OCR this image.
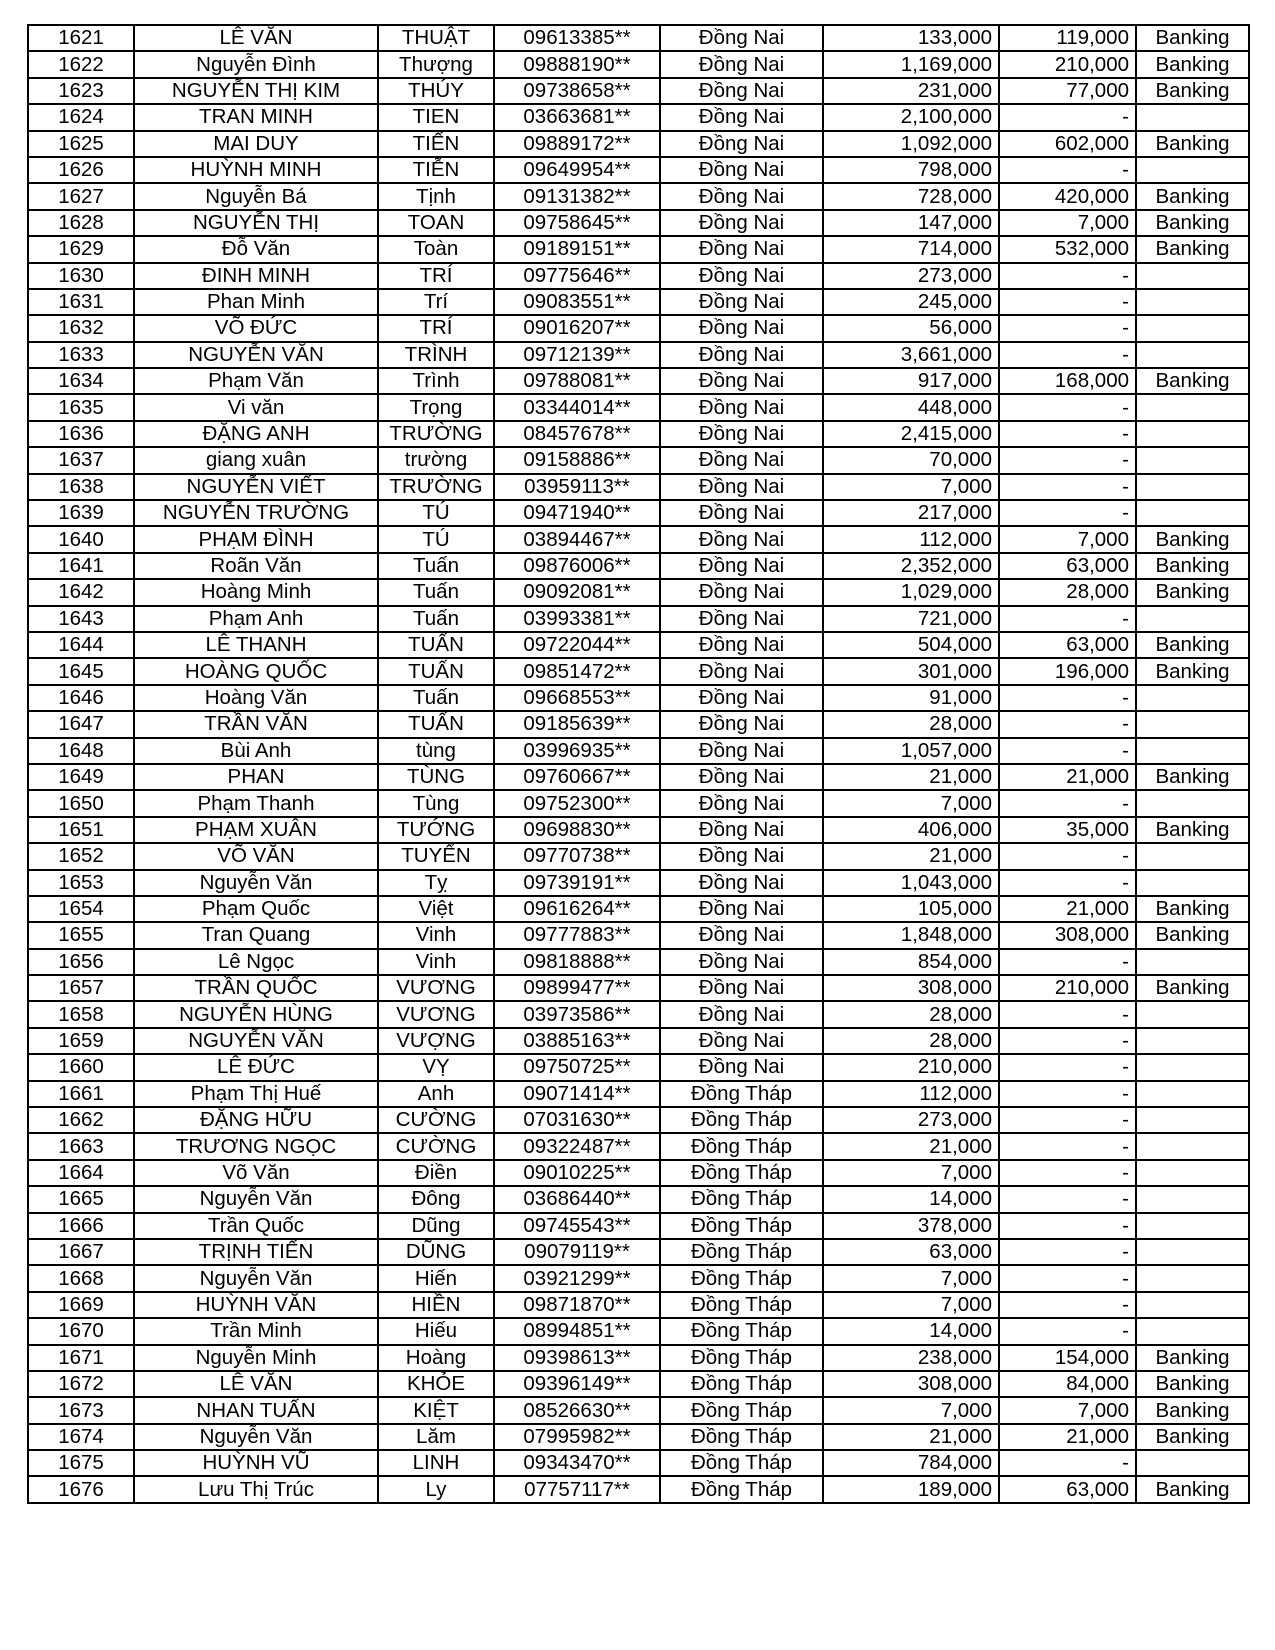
1621	LÊ VĂN	THUẬT	09613385**	Đồng Nai	133,000	119,000	Banking
1622	Nguyễn Đình	Thượng	09888190**	Đồng Nai	1,169,000	210,000	Banking
1623	NGUYỄN THỊ KIM	THÚY	09738658**	Đồng Nai	231,000	77,000	Banking
1624	TRAN MINH	TIEN	03663681**	Đồng Nai	2,100,000	-	
1625	MAI DUY	TIẾN	09889172**	Đồng Nai	1,092,000	602,000	Banking
1626	HUỲNH MINH	TIỄN	09649954**	Đồng Nai	798,000	-	
1627	Nguyễn Bá	Tịnh	09131382**	Đồng Nai	728,000	420,000	Banking
1628	NGUYỄN THỊ	TOAN	09758645**	Đồng Nai	147,000	7,000	Banking
1629	Đỗ Văn	Toàn	09189151**	Đồng Nai	714,000	532,000	Banking
1630	ĐINH MINH	TRÍ	09775646**	Đồng Nai	273,000	-	
1631	Phan Minh	Trí	09083551**	Đồng Nai	245,000	-	
1632	VÕ ĐỨC	TRÍ	09016207**	Đồng Nai	56,000	-	
1633	NGUYỄN VĂN	TRÌNH	09712139**	Đồng Nai	3,661,000	-	
1634	Phạm Văn	Trình	09788081**	Đồng Nai	917,000	168,000	Banking
1635	Vi văn	Trọng	03344014**	Đồng Nai	448,000	-	
1636	ĐẶNG ANH	TRƯỜNG	08457678**	Đồng Nai	2,415,000	-	
1637	giang xuân	trường	09158886**	Đồng Nai	70,000	-	
1638	NGUYỄN VIẾT	TRƯỜNG	03959113**	Đồng Nai	7,000	-	
1639	NGUYỄN TRƯỜNG	TÚ	09471940**	Đồng Nai	217,000	-	
1640	PHẠM ĐÌNH	TÚ	03894467**	Đồng Nai	112,000	7,000	Banking
1641	Roãn Văn	Tuấn	09876006**	Đồng Nai	2,352,000	63,000	Banking
1642	Hoàng Minh	Tuấn	09092081**	Đồng Nai	1,029,000	28,000	Banking
1643	Phạm Anh	Tuấn	03993381**	Đồng Nai	721,000	-	
1644	LÊ THANH	TUẤN	09722044**	Đồng Nai	504,000	63,000	Banking
1645	HOÀNG QUỐC	TUẤN	09851472**	Đồng Nai	301,000	196,000	Banking
1646	Hoàng Văn	Tuấn	09668553**	Đồng Nai	91,000	-	
1647	TRẦN VĂN	TUẤN	09185639**	Đồng Nai	28,000	-	
1648	Bùi Anh	tùng	03996935**	Đồng Nai	1,057,000	-	
1649	PHAN	TÙNG	09760667**	Đồng Nai	21,000	21,000	Banking
1650	Phạm Thanh	Tùng	09752300**	Đồng Nai	7,000	-	
1651	PHẠM XUÂN	TƯỚNG	09698830**	Đồng Nai	406,000	35,000	Banking
1652	VÕ VĂN	TUYỂN	09770738**	Đồng Nai	21,000	-	
1653	Nguyễn Văn	Tỵ	09739191**	Đồng Nai	1,043,000	-	
1654	Phạm Quốc	Việt	09616264**	Đồng Nai	105,000	21,000	Banking
1655	Tran Quang	Vinh	09777883**	Đồng Nai	1,848,000	308,000	Banking
1656	Lê Ngọc	Vinh	09818888**	Đồng Nai	854,000	-	
1657	TRẦN QUỐC	VƯƠNG	09899477**	Đồng Nai	308,000	210,000	Banking
1658	NGUYỄN HÙNG	VƯƠNG	03973586**	Đồng Nai	28,000	-	
1659	NGUYỄN VĂN	VƯỢNG	03885163**	Đồng Nai	28,000	-	
1660	LÊ ĐỨC	VỴ	09750725**	Đồng Nai	210,000	-	
1661	Phạm Thị Huế	Anh	09071414**	Đồng Tháp	112,000	-	
1662	ĐẶNG HỮU	CƯỜNG	07031630**	Đồng Tháp	273,000	-	
1663	TRƯƠNG NGỌC	CƯỜNG	09322487**	Đồng Tháp	21,000	-	
1664	Võ Văn	Điền	09010225**	Đồng Tháp	7,000	-	
1665	Nguyễn Văn	Đông	03686440**	Đồng Tháp	14,000	-	
1666	Trần Quốc	Dũng	09745543**	Đồng Tháp	378,000	-	
1667	TRỊNH TIẾN	DŨNG	09079119**	Đồng Tháp	63,000	-	
1668	Nguyễn Văn	Hiến	03921299**	Đồng Tháp	7,000	-	
1669	HUỲNH VĂN	HIỀN	09871870**	Đồng Tháp	7,000	-	
1670	Trần Minh	Hiếu	08994851**	Đồng Tháp	14,000	-	
1671	Nguyễn Minh	Hoàng	09398613**	Đồng Tháp	238,000	154,000	Banking
1672	LÊ VĂN	KHỎE	09396149**	Đồng Tháp	308,000	84,000	Banking
1673	NHAN TUẤN	KIỆT	08526630**	Đồng Tháp	7,000	7,000	Banking
1674	Nguyễn Văn	Lăm	07995982**	Đồng Tháp	21,000	21,000	Banking
1675	HUỲNH VŨ	LINH	09343470**	Đồng Tháp	784,000	-	
1676	Lưu Thị Trúc	Ly	07757117**	Đồng Tháp	189,000	63,000	Banking
